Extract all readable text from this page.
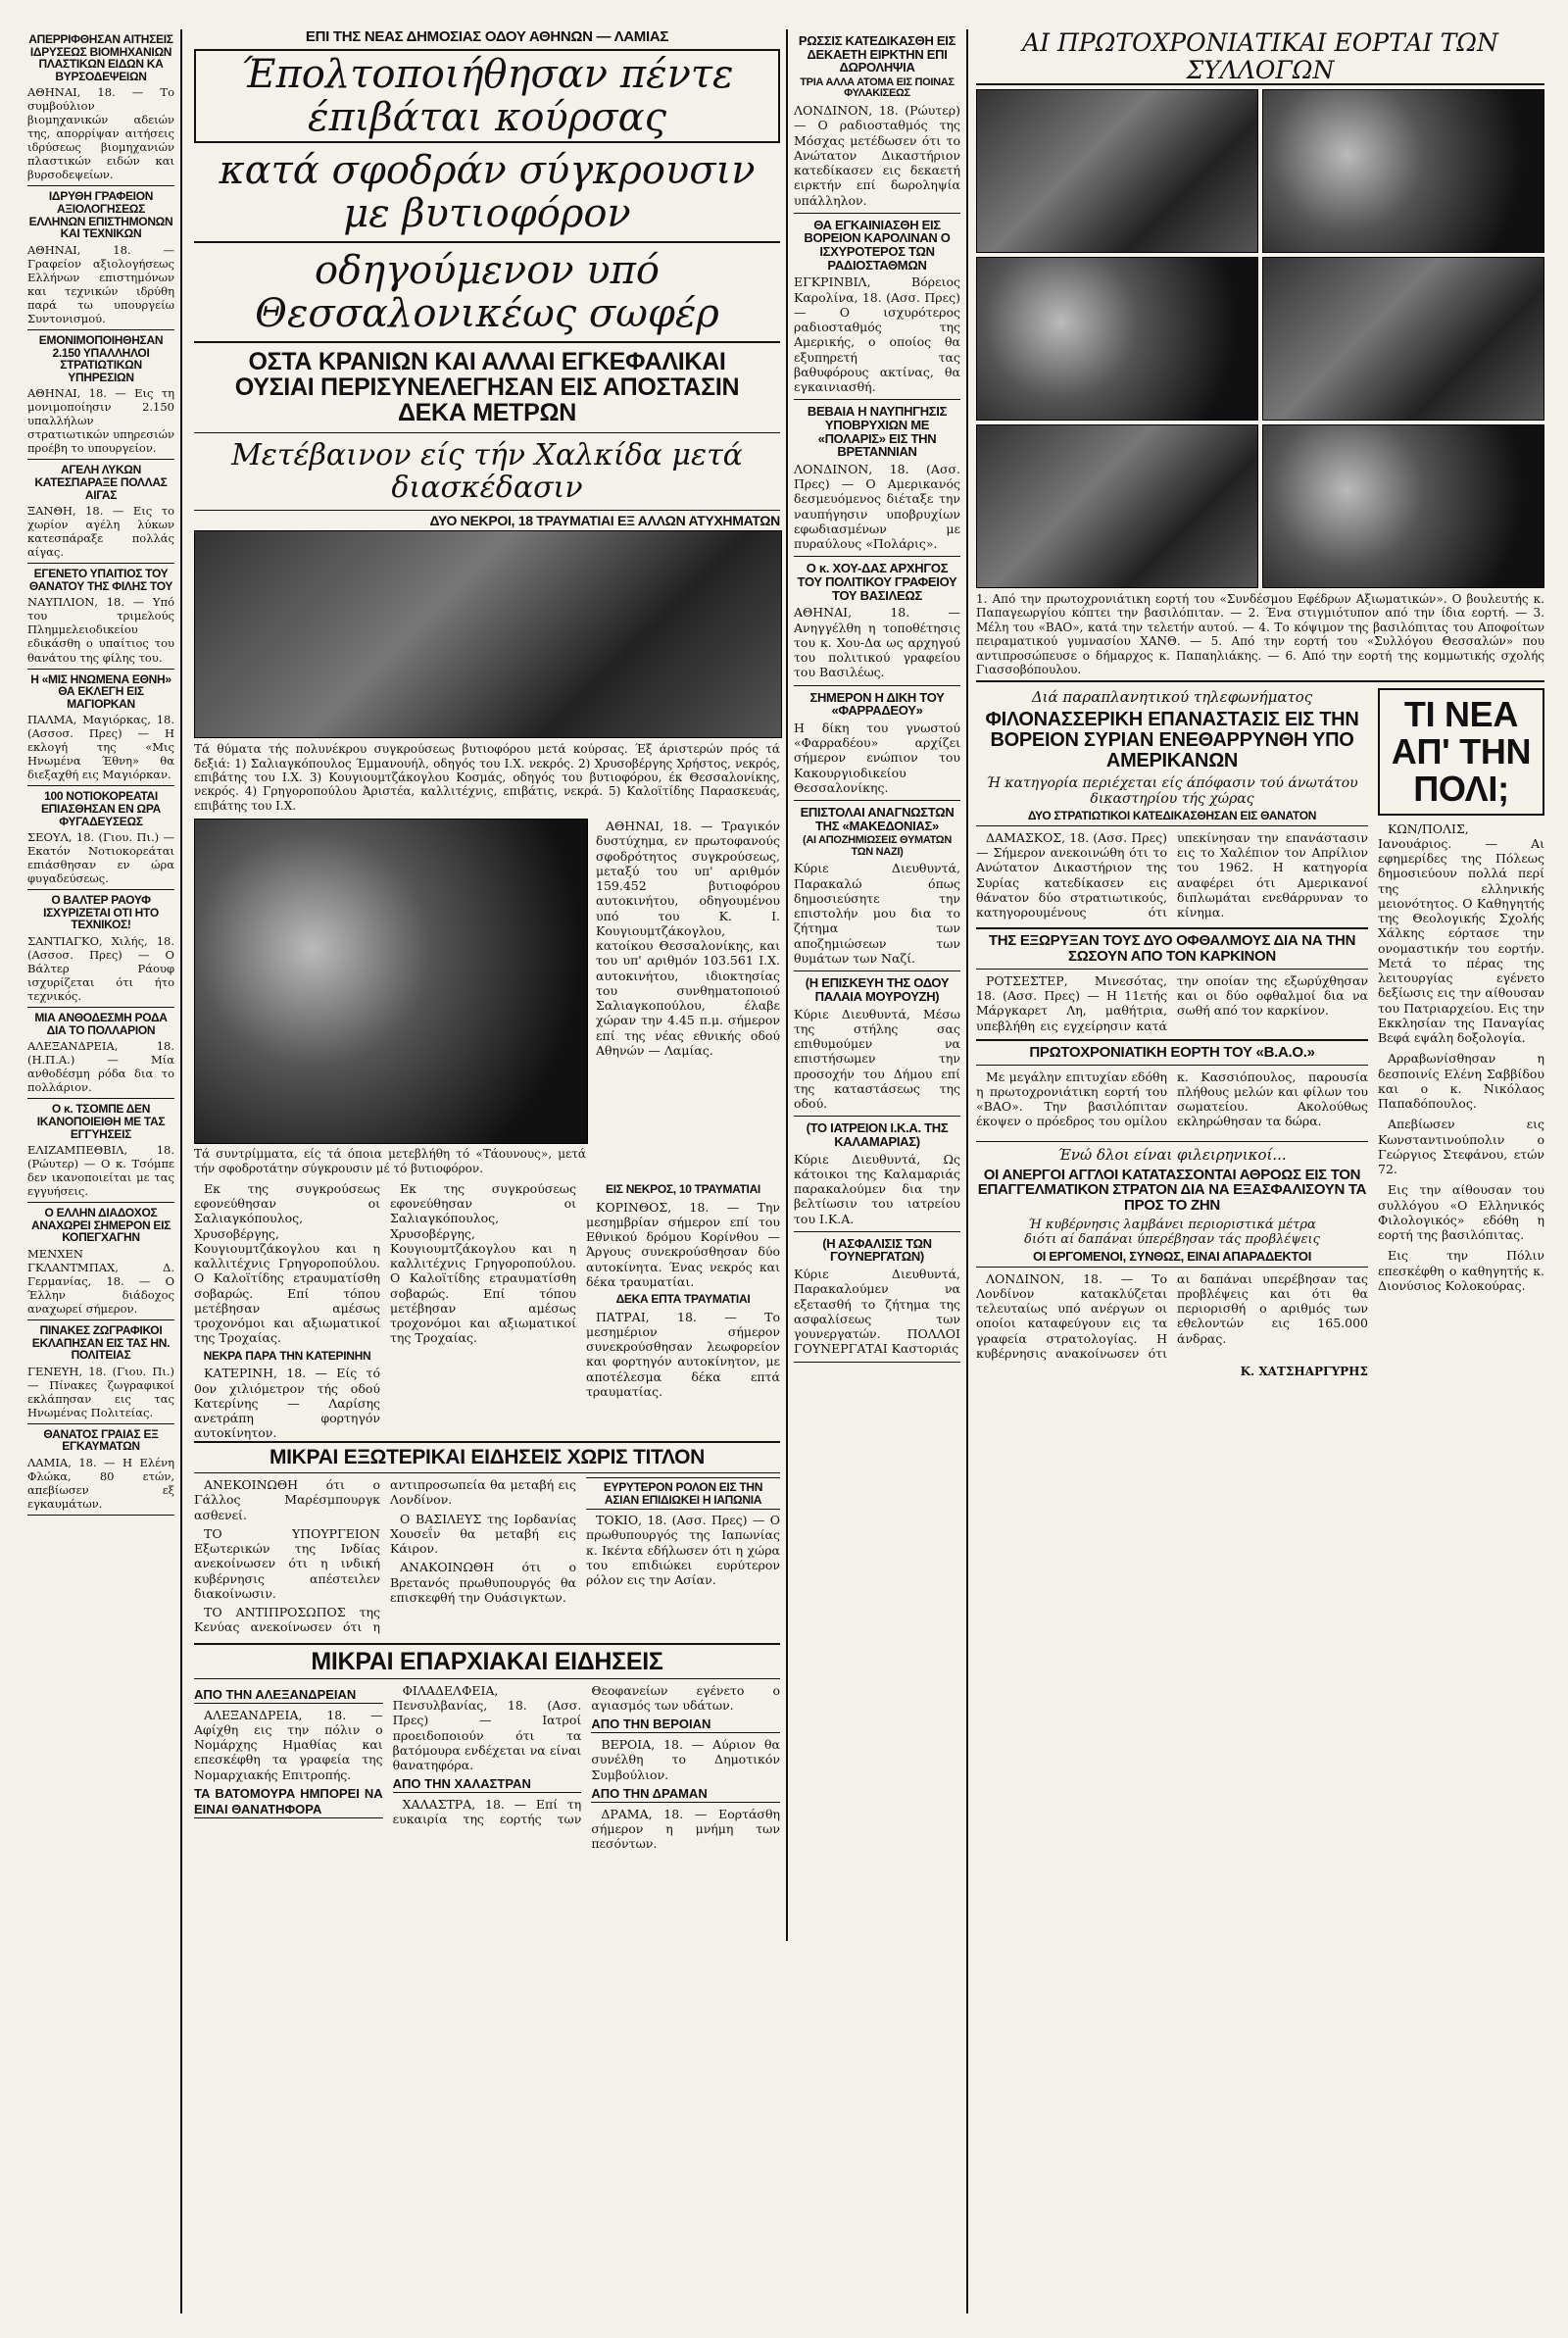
ΑΠΕΡΡΙΦΘΗΣΑΝ ΑΙΤΗΣΕΙΣ ΙΔΡΥΣΕΩΣ ΒΙΟΜΗΧΑΝΙΩΝ ΠΛΑΣΤΙΚΩΝ ΕΙΔΩΝ ΚΑ ΒΥΡΣΟΔΕΨΕΙΩΝ
ΑΘΗΝΑΙ, 18. — Το συμβούλιον βιομηχανικών αδειών της, απορρίψαν αιτήσεις ιδρύσεως βιομηχανιών πλαστικών ειδών και βυρσοδεψείων.
ΙΔΡΥΘΗ ΓΡΑΦΕΙΟΝ ΑΞΙΟΛΟΓΗΣΕΩΣ ΕΛΛΗΝΩΝ ΕΠΙΣΤΗΜΟΝΩΝ ΚΑΙ ΤΕΧΝΙΚΩΝ
ΑΘΗΝΑΙ, 18. — Γραφείον αξιολογήσεως Ελλήνων επιστημόνων και τεχνικών ιδρύθη παρά τω υπουργείω Συντονισμού.
ΕΜΟΝΙΜΟΠΟΙΗΘΗΣΑΝ 2.150 ΥΠΑΛΛΗΛΟΙ ΣΤΡΑΤΙΩΤΙΚΩΝ ΥΠΗΡΕΣΙΩΝ
ΑΘΗΝΑΙ, 18. — Εις τη μονιμοποίησιν 2.150 υπαλλήλων στρατιωτικών υπηρεσιών προέβη το υπουργείον.
ΑΓΕΛΗ ΛΥΚΩΝ ΚΑΤΕΣΠΑΡΑΞΕ ΠΟΛΛΑΣ ΑΙΓΑΣ
ΞΑΝΘΗ, 18. — Εις το χωρίον αγέλη λύκων κατεσπάραξε πολλάς αίγας.
ΕΓΕΝΕΤΟ ΥΠΑΙΤΙΟΣ ΤΟΥ ΘΑΝΑΤΟΥ ΤΗΣ ΦΙΛΗΣ ΤΟΥ
ΝΑΥΠΛΙΟΝ, 18. — Υπό του τριμελούς Πλημμελειοδικείου εδικάσθη ο υπαίτιος του θανάτου της φίλης του.
Η «ΜΙΣ ΗΝΩΜΕΝΑ ΕΘΝΗ» ΘΑ ΕΚΛΕΓΗ ΕΙΣ ΜΑΓΙΟΡΚΑΝ
ΠΑΛΜΑ, Μαγιόρκας, 18. (Ασσοσ. Πρες) — Η εκλογή της «Μις Ηνωμένα Έθνη» θα διεξαχθή εις Μαγιόρκαν.
100 ΝΟΤΙΟΚΟΡΕΑΤΑΙ ΕΠΙΑΣΘΗΣΑΝ ΕΝ ΩΡΑ ΦΥΓΑΔΕΥΣΕΩΣ
ΣΕΟΥΛ, 18. (Γιου. Πι.) — Εκατόν Νοτιοκορεάται επιάσθησαν εν ώρα φυγαδεύσεως.
Ο ΒΑΛΤΕΡ ΡΑΟΥΦ ΙΣΧΥΡΙΖΕΤΑΙ ΟΤΙ ΗΤΟ ΤΕΧΝΙΚΟΣ!
ΣΑΝΤΙΑΓΚΟ, Χιλής, 18. (Ασσοσ. Πρες) — Ο Βάλτερ Ράουφ ισχυρίζεται ότι ήτο τεχνικός.
ΜΙΑ ΑΝΘΟΔΕΣΜΗ ΡΟΔΑ ΔΙΑ ΤΟ ΠΟΛΛΑΡΙΟΝ
ΑΛΕΞΑΝΔΡΕΙΑ, 18. (Η.Π.Α.) — Μία ανθοδέσμη ρόδα δια το πολλάριον.
Ο κ. ΤΣΟΜΠΕ ΔΕΝ ΙΚΑΝΟΠΟΙΕΙΘΗ ΜΕ ΤΑΣ ΕΓΓΥΗΣΕΙΣ
ΕΛΙΖΑΜΠΕΘΒΙΛ, 18. (Ρώυτερ) — Ο κ. Τσόμπε δεν ικανοποιείται με τας εγγυήσεις.
Ο ΕΛΛΗΝ ΔΙΑΔΟΧΟΣ ΑΝΑΧΩΡΕΙ ΣΗΜΕΡΟΝ ΕΙΣ ΚΟΠΕΓΧΑΓΗΝ
ΜΕΝΧΕΝ ΓΚΛΑΝΤΜΠΑΧ, Δ. Γερμανίας, 18. — Ο Έλλην διάδοχος αναχωρεί σήμερον.
ΠΙΝΑΚΕΣ ΖΩΓΡΑΦΙΚΟΙ ΕΚΛΑΠΗΣΑΝ ΕΙΣ ΤΑΣ ΗΝ. ΠΟΛΙΤΕΙΑΣ
ΓΕΝΕΥΗ, 18. (Γιου. Πι.) — Πίνακες ζωγραφικοί εκλάπησαν εις τας Ηνωμένας Πολιτείας.
ΘΑΝΑΤΟΣ ΓΡΑΙΑΣ ΕΞ ΕΓΚΑΥΜΑΤΩΝ
ΛΑΜΙΑ, 18. — Η Ελένη Φλώκα, 80 ετών, απεβίωσεν εξ εγκαυμάτων.
ΕΠΙ ΤΗΣ ΝΕΑΣ ΔΗΜΟΣΙΑΣ ΟΔΟΥ ΑΘΗΝΩΝ — ΛΑΜΙΑΣ
Έπολτοποιήθησαν πέντε έπιβάται κούρσας
κατά σφοδράν σύγκρουσιν με βυτιοφόρον
οδηγούμενον υπό Θεσσαλονικέως σωφέρ
ΟΣΤΑ ΚΡΑΝΙΩΝ ΚΑΙ ΑΛΛΑΙ ΕΓΚΕΦΑΛΙΚΑΙ ΟΥΣΙΑΙ ΠΕΡΙΣΥΝΕΛΕΓΗΣΑΝ ΕΙΣ ΑΠΟΣΤΑΣΙΝ ΔΕΚΑ ΜΕΤΡΩΝ
Μετέβαινον είς τήν Χαλκίδα μετά διασκέδασιν
ΔΥΟ ΝΕΚΡΟΙ, 18 ΤΡΑΥΜΑΤΙΑΙ ΕΞ ΑΛΛΩΝ ΑΤΥΧΗΜΑΤΩΝ
Τά θύματα τής πολυνέκρου συγκρούσεως βυτιοφόρου μετά κούρσας. Έξ άριστερών πρός τά δεξιά: 1) Σαλιαγκόπουλος Έμμανουήλ, οδηγός του Ι.Χ. νεκρός. 2) Χρυσοβέργης Χρήστος, νεκρός, επιβάτης του Ι.Χ. 3) Κουγιουμτζάκογλου Κοσμάς, οδηγός του βυτιοφόρου, έκ Θεσσαλονίκης, νεκρός. 4) Γρηγοροπούλου Άριστέα, καλλιτέχνις, επιβάτις, νεκρά. 5) Καλοϊτίδης Παρασκευάς, επιβάτης του Ι.Χ.
Τά συντρίμματα, είς τά όποια μετεβλήθη τό «Τάουνους», μετά τήν σφοδροτάτην σύγκρουσιν μέ τό βυτιοφόρον.

ΑΘΗΝΑΙ, 18. — Τραγικόν δυστύχημα, εν πρωτοφανούς σφοδρότητος συγκρούσεως, μεταξύ του υπ' αριθμόν 159.452 βυτιοφόρου αυτοκινήτου, οδηγουμένου υπό του Κ. Ι. Κουγιουμτζάκογλου, κατοίκου Θεσσαλονίκης, και του υπ' αριθμόν 103.561 Ι.Χ. αυτοκινήτου, ιδιοκτησίας του συνθηματοποιού Σαλιαγκοπούλου, έλαβε χώραν την 4.45 π.μ. σήμερον επί της νέας εθνικής οδού Αθηνών — Λαμίας.

Εκ της συγκρούσεως εφονεύθησαν οι Σαλιαγκόπουλος, Χρυσοβέργης, Κουγιουμτζάκογλου και η καλλιτέχνις Γρηγοροπούλου. Ο Καλοϊτίδης ετραυματίσθη σοβαρώς. Επί τόπου μετέβησαν αμέσως τροχονόμοι και αξιωματικοί της Τροχαίας.

ΝΕΚΡΑ ΠΑΡΑ ΤΗΝ ΚΑΤΕΡΙΝΗΝ

ΚΑΤΕΡΙΝΗ, 18. — Είς τό 0ον χιλιόμετρον τής οδού Κατερίνης — Λαρίσης ανετράπη φορτηγόν αυτοκίνητον.

Εκ της συγκρούσεως εφονεύθησαν οι Σαλιαγκόπουλος, Χρυσοβέργης, Κουγιουμτζάκογλου και η καλλιτέχνις Γρηγοροπούλου. Ο Καλοϊτίδης ετραυματίσθη σοβαρώς. Επί τόπου μετέβησαν αμέσως τροχονόμοι και αξιωματικοί της Τροχαίας.

ΕΙΣ ΝΕΚΡΟΣ, 10 ΤΡΑΥΜΑΤΙΑΙ

ΚΟΡΙΝΘΟΣ, 18. — Την μεσημβρίαν σήμερον επί του Εθνικού δρόμου Κορίνθου — Άργους συνεκρούσθησαν δύο αυτοκίνητα. Ένας νεκρός και δέκα τραυματίαι.

ΔΕΚΑ ΕΠΤΑ ΤΡΑΥΜΑΤΙΑΙ

ΠΑΤΡΑΙ, 18. — Το μεσημέριον σήμερον συνεκρούσθησαν λεωφορείον και φορτηγόν αυτοκίνητον, με αποτέλεσμα δέκα επτά τραυματίας.

ΡΩΣΣΙΣ ΚΑΤΕΔΙΚΑΣΘΗ ΕΙΣ ΔΕΚΑΕΤΗ ΕΙΡΚΤΗΝ ΕΠΙ ΔΩΡΟΛΗΨΙΑ
ΤΡΙΑ ΑΛΛΑ ΑΤΟΜΑ ΕΙΣ ΠΟΙΝΑΣ ΦΥΛΑΚΙΣΕΩΣ
ΛΟΝΔΙΝΟΝ, 18. (Ρώυτερ) — Ο ραδιοσταθμός της Μόσχας μετέδωσεν ότι το Ανώτατον Δικαστήριον κατεδίκασεν εις δεκαετή ειρκτήν επί δωροληψία υπάλληλον.
ΘΑ ΕΓΚΑΙΝΙΑΣΘΗ ΕΙΣ ΒΟΡΕΙΟΝ ΚΑΡΟΛΙΝΑΝ Ο ΙΣΧΥΡΟΤΕΡΟΣ ΤΩΝ ΡΑΔΙΟΣΤΑΘΜΩΝ
ΕΓΚΡΙΝΒΙΛ, Βόρειος Καρολίνα, 18. (Ασσ. Πρες) — Ο ισχυρότερος ραδιοσταθμός της Αμερικής, ο οποίος θα εξυπηρετή τας βαθυφόρους ακτίνας, θα εγκαινιασθή.
ΒΕΒΑΙΑ Η ΝΑΥΠΗΓΗΣΙΣ ΥΠΟΒΡΥΧΙΩΝ ΜΕ «ΠΟΛΑΡΙΣ» ΕΙΣ ΤΗΝ ΒΡΕΤΑΝΝΙΑΝ
ΛΟΝΔΙΝΟΝ, 18. (Ασσ. Πρες) — Ο Αμερικανός δεσμευόμενος διέταξε την ναυπήγησιν υποβρυχίων εφωδιασμένων με πυραύλους «Πολάρις».
Ο κ. ΧΟΥ-ΔΑΣ ΑΡΧΗΓΟΣ ΤΟΥ ΠΟΛΙΤΙΚΟΥ ΓΡΑΦΕΙΟΥ ΤΟΥ ΒΑΣΙΛΕΩΣ
ΑΘΗΝΑΙ, 18. — Ανηγγέλθη η τοποθέτησις του κ. Χου-Δα ως αρχηγού του πολιτικού γραφείου του Βασιλέως.
ΣΗΜΕΡΟΝ Η ΔΙΚΗ ΤΟΥ «ΦΑΡΡΑΔΕΟΥ»
Η δίκη του γνωστού «Φαρραδέου» αρχίζει σήμερον ενώπιον του Κακουργιοδικείου Θεσσαλονίκης.
ΕΠΙΣΤΟΛΑΙ ΑΝΑΓΝΩΣΤΩΝ ΤΗΣ «ΜΑΚΕΔΟΝΙΑΣ»
(ΑΙ ΑΠΟΖΗΜΙΩΣΕΙΣ ΘΥΜΑΤΩΝ ΤΩΝ ΝΑΖΙ)
Κύριε Διευθυντά, Παρακαλώ όπως δημοσιεύσητε την επιστολήν μου δια το ζήτημα των αποζημιώσεων των θυμάτων των Ναζί.
(Η ΕΠΙΣΚΕΥΗ ΤΗΣ ΟΔΟΥ ΠΑΛΑΙΑ ΜΟΥΡΟΥΖΗ)
Κύριε Διευθυντά, Μέσω της στήλης σας επιθυμούμεν να επιστήσωμεν την προσοχήν του Δήμου επί της καταστάσεως της οδού.
(ΤΟ ΙΑΤΡΕΙΟΝ Ι.Κ.Α. ΤΗΣ ΚΑΛΑΜΑΡΙΑΣ)
Κύριε Διευθυντά, Ως κάτοικοι της Καλαμαριάς παρακαλούμεν δια την βελτίωσιν του ιατρείου του Ι.Κ.Α.
(Η ΑΣΦΑΛΙΣΙΣ ΤΩΝ ΓΟΥΝΕΡΓΑΤΩΝ)
Κύριε Διευθυντά, Παρακαλούμεν να εξετασθή το ζήτημα της ασφαλίσεως των γουνεργατών. ΠΟΛΛΟΙ ΓΟΥΝΕΡΓΑΤΑΙ Καστοριάς
ΑΙ ΠΡΩΤΟΧΡΟΝΙΑΤΙΚΑΙ ΕΟΡΤΑΙ ΤΩΝ ΣΥΛΛΟΓΩΝ
1. Από την πρωτοχρονιάτικη εορτή του «Συνδέσμου Εφέδρων Αξιωματικών». Ο βουλευτής κ. Παπαγεωργίου κόπτει την βασιλόπιταν. — 2. Ένα στιγμιότυπον από την ίδια εορτή. — 3. Μέλη του «ΒΑΟ», κατά την τελετήν αυτού. — 4. Το κόψιμον της βασιλόπιτας του Αποφοίτων πειραματικού γυμνασίου ΧΑΝΘ. — 5. Από την εορτή του «Συλλόγου Θεσσαλών» που αντιπροσώπευσε ο δήμαρχος κ. Παπαηλιάκης. — 6. Από την εορτή της κομμωτικής σχολής Γιασσοβόπουλου.
Διά παραπλανητικού τηλεφωνήματος
ΦΙΛΟΝΑΣΣΕΡΙΚΗ ΕΠΑΝΑΣΤΑΣΙΣ ΕΙΣ ΤΗΝ ΒΟΡΕΙΟΝ ΣΥΡΙΑΝ ΕΝΕΘΑΡΡΥΝΘΗ ΥΠΟ ΑΜΕΡΙΚΑΝΩΝ
Ή κατηγορία περιέχεται είς άπόφασιν τού άνωτάτου δικαστηρίου τής χώρας
ΔΥΟ ΣΤΡΑΤΙΩΤΙΚΟΙ ΚΑΤΕΔΙΚΑΣΘΗΣΑΝ ΕΙΣ ΘΑΝΑΤΟΝ

ΔΑΜΑΣΚΟΣ, 18. (Ασσ. Πρες) — Σήμερον ανεκοινώθη ότι το Ανώτατον Δικαστήριον της Συρίας κατεδίκασεν εις θάνατον δύο στρατιωτικούς, κατηγορουμένους ότι υπεκίνησαν την επανάστασιν εις το Χαλέπιον τον Απρίλιον του 1962. Η κατηγορία αναφέρει ότι Αμερικανοί διπλωμάται ενεθάρρυναν το κίνημα.

ΤΗΣ ΕΞΩΡΥΞΑΝ ΤΟΥΣ ΔΥΟ ΟΦΘΑΛΜΟΥΣ ΔΙΑ ΝΑ ΤΗΝ ΣΩΣΟΥΝ ΑΠΟ ΤΟΝ ΚΑΡΚΙΝΟΝ

ΡΟΤΣΕΣΤΕΡ, Μινεσότας, 18. (Ασσ. Πρες) — Η 11ετής Μάργκαρετ Λη, μαθήτρια, υπεβλήθη εις εγχείρησιν κατά την οποίαν της εξωρύχθησαν και οι δύο οφθαλμοί δια να σωθή από τον καρκίνον.

ΠΡΩΤΟΧΡΟΝΙΑΤΙΚΗ ΕΟΡΤΗ ΤΟΥ «Β.Α.Ο.»

Με μεγάλην επιτυχίαν εδόθη η πρωτοχρονιάτικη εορτή του «ΒΑΟ». Την βασιλόπιταν έκοψεν ο πρόεδρος του ομίλου κ. Κασσιόπουλος, παρουσία πλήθους μελών και φίλων του σωματείου. Ακολούθως εκληρώθησαν τα δώρα.

Ένώ δλοι είναι φιλειρηνικοί...
ΟΙ ΑΝΕΡΓΟΙ ΑΓΓΛΟΙ ΚΑΤΑΤΑΣΣΟΝΤΑΙ ΑΘΡΟΩΣ ΕΙΣ ΤΟΝ ΕΠΑΓΓΕΛΜΑΤΙΚΟΝ ΣΤΡΑΤΟΝ ΔΙΑ ΝΑ ΕΞΑΣΦΑΛΙΣΟΥΝ ΤΑ ΠΡΟΣ ΤΟ ΖΗΝ
Ή κυβέρνησις λαμβάνει περιοριστικά μέτρα
διότι αί δαπάναι ύπερέβησαν τάς προβλέψεις
ΟΙ ΕΡΓΟΜΕΝΟΙ, ΣΥΝΘΩΣ, ΕΙΝΑΙ ΑΠΑΡΑΔΕΚΤΟΙ

ΛΟΝΔΙΝΟΝ, 18. — Το Λονδίνον κατακλύζεται τελευταίως υπό ανέργων οι οποίοι καταφεύγουν εις τα γραφεία στρατολογίας. Η κυβέρνησις ανακοίνωσεν ότι αι δαπάναι υπερέβησαν τας προβλέψεις και ότι θα περιορισθή ο αριθμός των εθελοντών εις 165.000 άνδρας.

Κ. ΧΑΤΣΗΑΡΓΥΡΗΣ
ΤΙ ΝΕΑ ΑΠ' ΤΗΝ ΠΟΛΙ;

ΚΩΝ/ΠΟΛΙΣ, Ιανουάριος. — Αι εφημερίδες της Πόλεως δημοσιεύουν πολλά περί της ελληνικής μειονότητος. Ο Καθηγητής της Θεολογικής Σχολής Χάλκης εόρτασε την ονομαστικήν του εορτήν. Μετά το πέρας της λειτουργίας εγένετο δεξίωσις εις την αίθουσαν του Πατριαρχείου. Εις την Εκκλησίαν της Παναγίας Βεφά εψάλη δοξολογία.

Αρραβωνίσθησαν η δεσποινίς Ελένη Σαββίδου και ο κ. Νικόλαος Παπαδόπουλος.

Απεβίωσεν εις Κωνσταντινούπολιν ο Γεώργιος Στεφάνου, ετών 72.

Εις την αίθουσαν του συλλόγου «Ο Ελληνικός Φιλολογικός» εδόθη η εορτή της βασιλόπιτας.

Εις την Πόλιν επεσκέφθη ο καθηγητής κ. Διονύσιος Κολοκούρας.

ΜΙΚΡΑΙ ΕΞΩΤΕΡΙΚΑΙ ΕΙΔΗΣΕΙΣ ΧΩΡΙΣ ΤΙΤΛΟΝ

ΑΝΕΚΟΙΝΩΘΗ ότι ο Γάλλος Μαρέσμπουργκ ασθενεί.

ΤΟ ΥΠΟΥΡΓΕΙΟΝ Εξωτερικών της Ινδίας ανεκοίνωσεν ότι η ινδική κυβέρνησις απέστειλεν διακοίνωσιν.

ΤΟ ΑΝΤΙΠΡΟΣΩΠΟΣ της Κενύας ανεκοίνωσεν ότι η αντιπροσωπεία θα μεταβή εις Λονδίνον.

Ο ΒΑΣΙΛΕΥΣ της Ιορδανίας Χουσεΐν θα μεταβή εις Κάιρον.

ΑΝΑΚΟΙΝΩΘΗ ότι ο Βρετανός πρωθυπουργός θα επισκεφθή την Ουάσιγκτων.

ΕΥΡΥΤΕΡΟΝ ΡΟΛΟΝ ΕΙΣ ΤΗΝ ΑΣΙΑΝ ΕΠΙΔΙΩΚΕΙ Η ΙΑΠΩΝΙΑ

ΤΟΚΙΟ, 18. (Ασσ. Πρες) — Ο πρωθυπουργός της Ιαπωνίας κ. Ικέντα εδήλωσεν ότι η χώρα του επιδιώκει ευρύτερον ρόλον εις την Ασίαν.

ΜΙΚΡΑΙ ΕΠΑΡΧΙΑΚΑΙ ΕΙΔΗΣΕΙΣ
ΑΠΟ ΤΗΝ ΑΛΕΞΑΝΔΡΕΙΑΝ

ΑΛΕΞΑΝΔΡΕΙΑ, 18. — Αφίχθη εις την πόλιν ο Νομάρχης Ημαθίας και επεσκέφθη τα γραφεία της Νομαρχιακής Επιτροπής.

ΤΑ ΒΑΤΟΜΟΥΡΑ ΗΜΠΟΡΕΙ ΝΑ ΕΙΝΑΙ ΘΑΝΑΤΗΦΟΡΑ

ΦΙΛΑΔΕΛΦΕΙΑ, Πενσυλβανίας, 18. (Ασσ. Πρες) — Ιατροί προειδοποιούν ότι τα βατόμουρα ενδέχεται να είναι θανατηφόρα.

ΑΠΟ ΤΗΝ ΧΑΛΑΣΤΡΑΝ

ΧΑΛΑΣΤΡΑ, 18. — Επί τη ευκαιρία της εορτής των Θεοφανείων εγένετο ο αγιασμός των υδάτων.

ΑΠΟ ΤΗΝ ΒΕΡΟΙΑΝ

ΒΕΡΟΙΑ, 18. — Αύριον θα συνέλθη το Δημοτικόν Συμβούλιον.

ΑΠΟ ΤΗΝ ΔΡΑΜΑΝ

ΔΡΑΜΑ, 18. — Εορτάσθη σήμερον η μνήμη των πεσόντων.
